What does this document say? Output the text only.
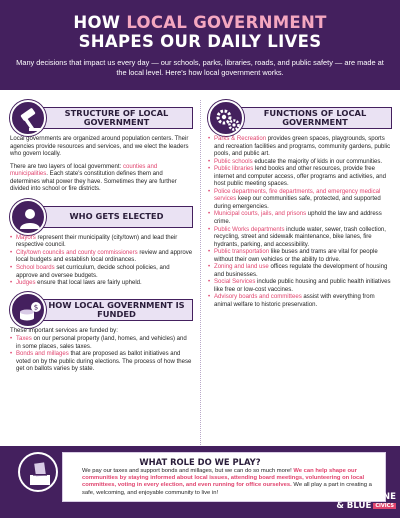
HOW LOCAL GOVERNMENT
SHAPES OUR DAILY LIVES
Many decisions that impact us every day — our schools, parks, libraries, roads, and public safety — are made at the local level. Here's how local government works.
STRUCTURE OF LOCAL GOVERNMENT

Local governments are organized around population centers. Their agencies provide resources and services, and we elect the leaders who govern locally.

There are two layers of local government: counties and municipalities. Each state's constitution defines them and determines what power they have. Sometimes they are further divided into school or fire districts.

WHO GETS ELECTED
• Mayors represent their municipality (city/town) and lead their respective council.
• City/town councils and county commissioners review and approve local budgets and establish local ordinances.
• School boards set curriculum, decide school policies, and approve and oversee budgets.
• Judges ensure that local laws are fairly upheld.
HOW LOCAL GOVERNMENT IS FUNDED
$

These important services are funded by:

• Taxes on our personal property (land, homes, and vehicles) and in some places, sales taxes.
• Bonds and millages that are proposed as ballot initiatives and voted on by the public during elections. The process of how these get on ballots varies by state.
FUNCTIONS OF LOCAL GOVERNMENT
• Parks & Recreation provides green spaces, playgrounds, sports and recreation facilities and programs, community gardens, public pools, and public art.
• Public schools educate the majority of kids in our communities.
• Public libraries lend books and other resources, provide free internet and computer access, offer programs and activities, and host public meeting spaces.
• Police departments, fire departments, and emergency medical services keep our communities safe, protected, and supported during emergencies.
• Municipal courts, jails, and prisons uphold the law and address crime.
• Public Works departments include water, sewer, trash collection, recycling, street and sidewalk maintenance, bike lanes, fire hydrants, parking, and accessibility.
• Public transportation like buses and trams are vital for people without their own vehicles or the ability to drive.
• Zoning and land use offices regulate the development of housing and businesses.
• Social Services include public housing and public health initiatives like free or low-cost vaccines.
• Advisory boards and committees assist with everything from animal welfare to historic preservation.
WHAT ROLE DO WE PLAY?
We pay our taxes and support bonds and millages, but we can do so much more! We can help shape our communities by staying informed about local issues, attending board meetings, volunteering on local committees, voting in every election, and even running for office ourselves. We all play a part in creating a safe, welcoming, and enjoyable community to live in!	RED WINE
& BLUE CIVICS
